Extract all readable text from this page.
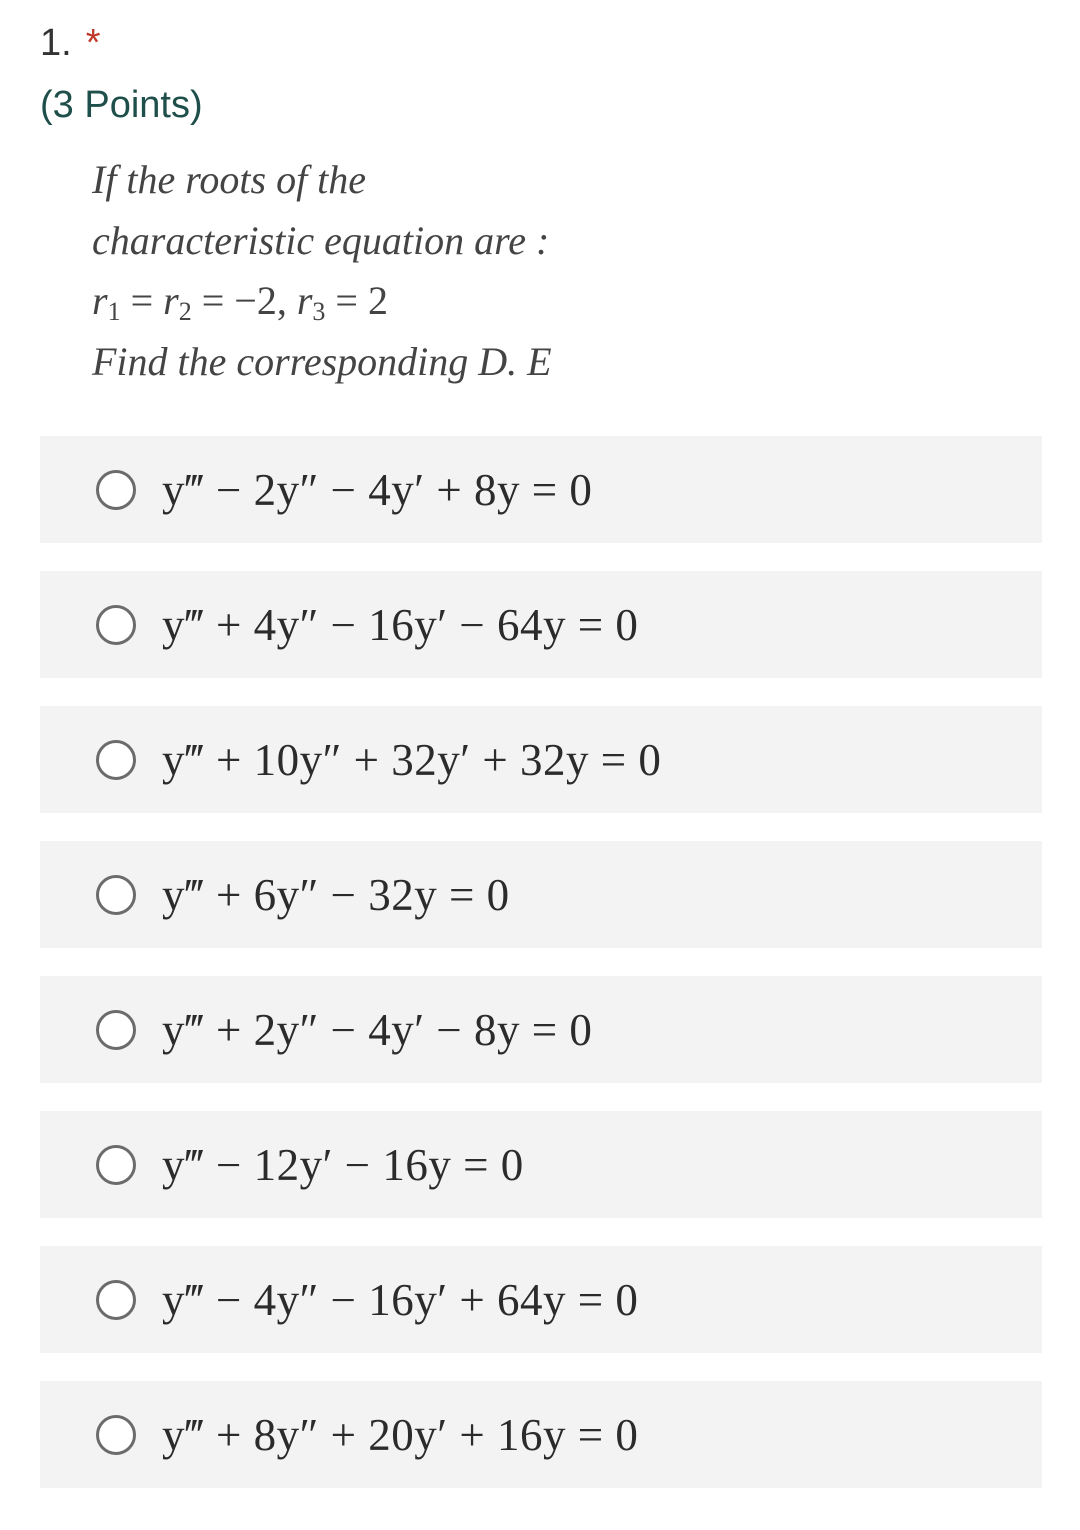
1. *
(3 Points)
If the roots of the
characteristic equation are :
$r_1 = r_2 = -2$, $r_3 = 2$
Find the corresponding D. E
y‴ − 2y″ − 4y′ + 8y = 0
y‴ + 4y″ − 16y′ − 64y = 0
y‴ + 10y″ + 32y′ + 32y = 0
y‴ + 6y″ − 32y = 0
y‴ + 2y″ − 4y′ − 8y = 0
y‴ − 12y′ − 16y = 0
y‴ − 4y″ − 16y′ + 64y = 0
y‴ + 8y″ + 20y′ + 16y = 0
